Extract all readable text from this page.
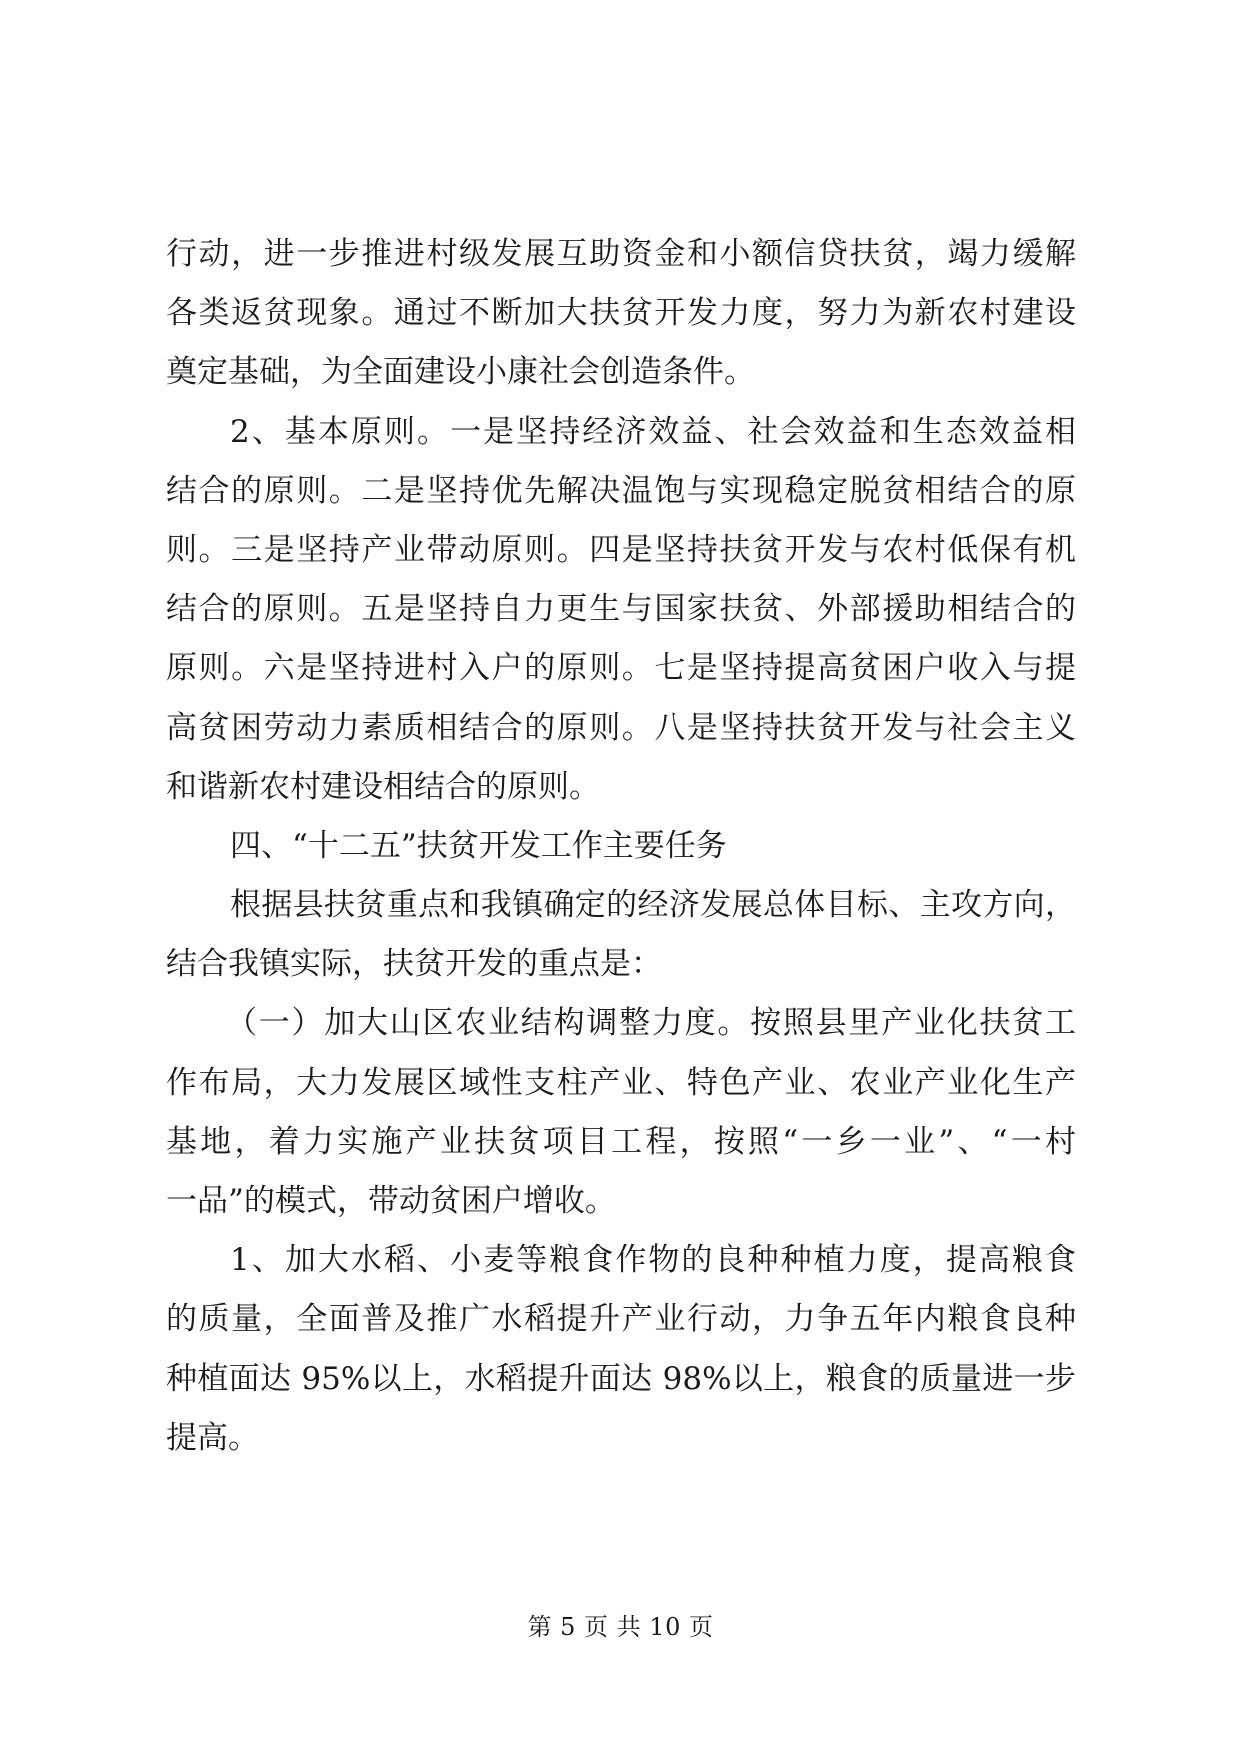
行动，进一步推进村级发展互助资金和小额信贷扶贫，竭力缓解
各类返贫现象。通过不断加大扶贫开发力度，努力为新农村建设
奠定基础，为全面建设小康社会创造条件。
2、基本原则。一是坚持经济效益、社会效益和生态效益相
结合的原则。二是坚持优先解决温饱与实现稳定脱贫相结合的原
则。三是坚持产业带动原则。四是坚持扶贫开发与农村低保有机
结合的原则。五是坚持自力更生与国家扶贫、外部援助相结合的
原则。六是坚持进村入户的原则。七是坚持提高贫困户收入与提
高贫困劳动力素质相结合的原则。八是坚持扶贫开发与社会主义
和谐新农村建设相结合的原则。
四、“十二五”扶贫开发工作主要任务
根据县扶贫重点和我镇确定的经济发展总体目标、主攻方向，
结合我镇实际，扶贫开发的重点是：
（一）加大山区农业结构调整力度。按照县里产业化扶贫工
作布局，大力发展区域性支柱产业、特色产业、农业产业化生产
基地，着力实施产业扶贫项目工程，按照“一乡一业”、“一村
一品”的模式，带动贫困户增收。
1、加大水稻、小麦等粮食作物的良种种植力度，提高粮食
的质量，全面普及推广水稻提升产业行动，力争五年内粮食良种
种植面达 95%以上，水稻提升面达 98%以上，粮食的质量进一步
提高。
第 5 页 共 10 页
